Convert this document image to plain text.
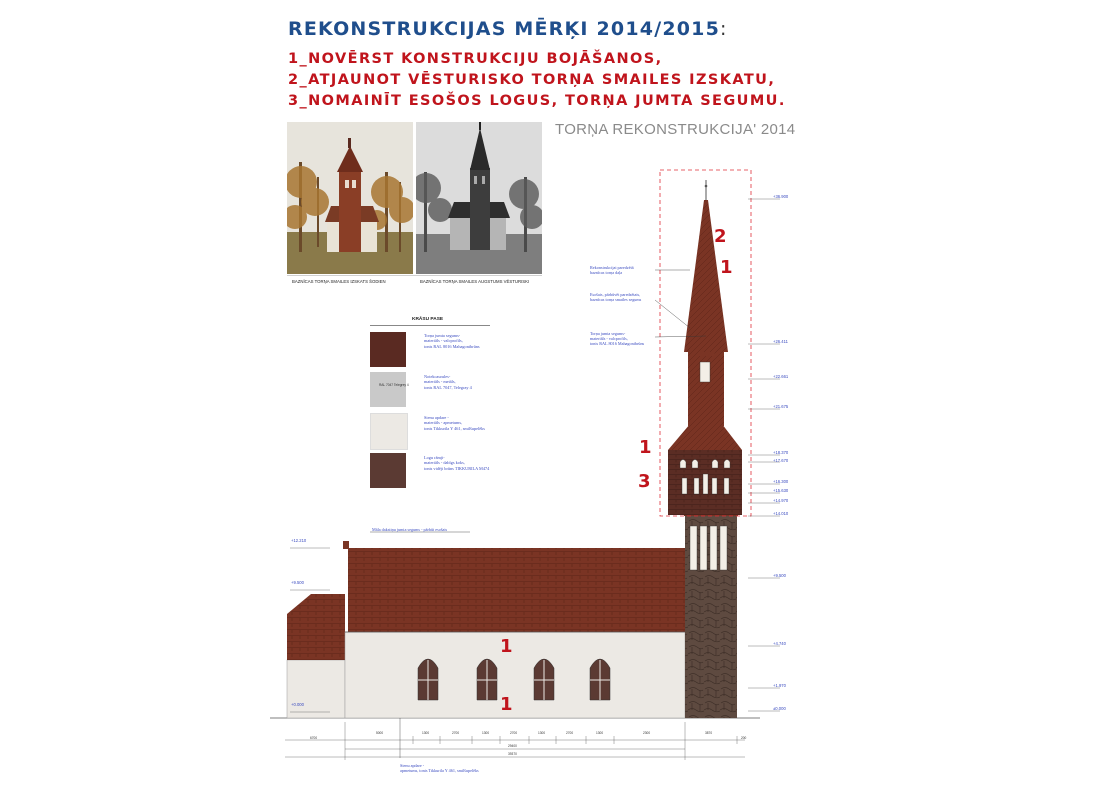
REKONSTRUKCIJAS MĒRĶI 2014/2015:
1_NOVĒRST KONSTRUKCIJU BOJĀŠANOS,
2_ATJAUNOT VĒSTURISKO TORŅA SMAILES IZSKATU,
3_NOMAINĪT ESOŠOS LOGUS, TORŅA JUMTA SEGUMU.
TORŅA REKONSTRUKCIJA' 2014
BAZNĪCAS TORŅA SMAILES IZSKATS ŠODIEN	BAZNĪCAS TORŅA SMAILES AUGSTUMS VĒSTURISKI
KRĀSU PASE
Torņa jumta segums-
materiāls - valcprofils,
tonis RAL 8016 Mahagonibrūns
RAL 7047 Telegrey 4
Notekcaurules-
materiāls - metāls,
tonis RAL 7047, Telegray 4
Sienu apdare -
materiāls - apmetums,
tonis Tikkurila Y 461, smilšupelēks
Logu rāmji-
materiāls - dabīgs koks,
tonis vidēji brūns TIKKURILA M474
Rekonstrukcijai paredzētā
baznīcas torņa daļa
Esošais, pārbūvēt paredzētais,
baznīcas torņa smailes segums
Torņa jumta segums-
materiāls - valcprofils,
tonis RAL 8016 Mahagonibrūns
Māla dakstiņu jumta segums - pārbūt esošais
Sienu apdare -
apmetums, tonis Tikkurila Y 461, smilšupelēks
+36.900
+26.411
+22.661
+21.675
+18.370
+17.670
+16.300
+15.630
+14.970
+14.010
+9.500
+4.740
+1.970
±0.000
+12.210
+9.500
+0.000
2
1
1
3
1
1
6700
5000	1300	2700	1300	2700	1300	2700	1300	2300	3870
200
29400
39370
